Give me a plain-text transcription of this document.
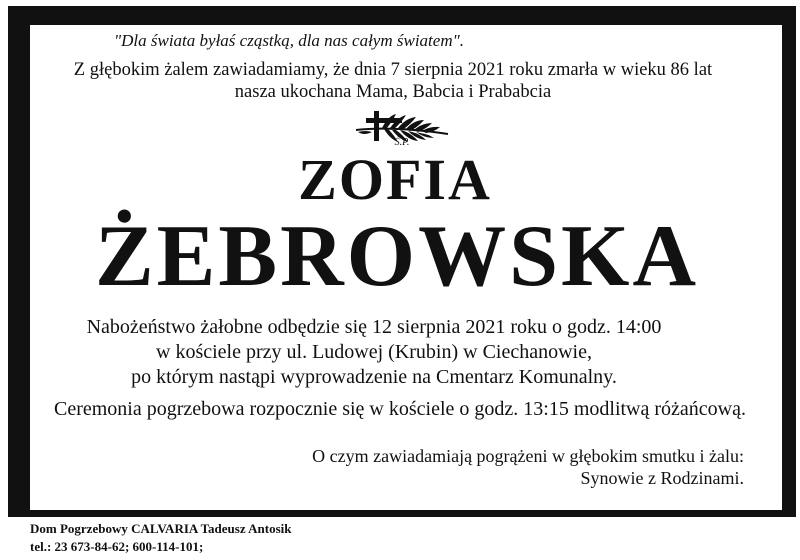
"Dla świata byłaś cząstką, dla nas całym światem".
Z głębokim żalem zawiadamiamy, że dnia 7 sierpnia 2021 roku zmarła w wieku 86 lat
nasza ukochana Mama, Babcia i Prababcia
Ś.P.
ZOFIA
ŻEBROWSKA
Nabożeństwo żałobne odbędzie się 12 sierpnia 2021 roku o godz. 14:00
w kościele przy ul. Ludowej (Krubin) w Ciechanowie,
po którym nastąpi wyprowadzenie na Cmentarz Komunalny.
Ceremonia pogrzebowa rozpocznie się w kościele o godz. 13:15 modlitwą różańcową.
O czym zawiadamiają pogrążeni w głębokim smutku i żalu:
Synowie z Rodzinami.
Dom Pogrzebowy CALVARIA Tadeusz Antosik
tel.: 23 673-84-62; 600-114-101;
